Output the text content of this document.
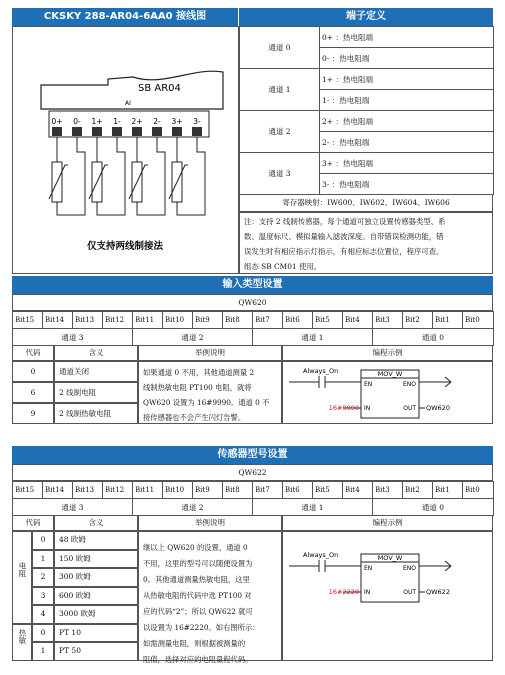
CKSKY 288-AR04-6AA0 接线图	端子定义
SB AR04
AI
0+ 0- 1+ 1- 2+ 2- 3+ 3-
仅支持两线制接法
通道 0	0+ ：热电阻端
	0- ：热电阻端
通道 1	1+ ：热电阻端
	1- ：热电阻端
通道 2	2+ ：热电阻端
	2- ：热电阻端
通道 3	3+ ：热电阻端
	3- ：热电阻端
寄存器映射：IW600、IW602、IW604、IW606
注：支持 2 线制传感器，每个通道可独立设置传感器类型、系
数、温度标尺、模拟量输入滤波深度。自带错误检测功能，错
误发生时有相应指示灯指示，有相应标志位置位，程序可查。
组态 SB CM01 使用。
输入类型设置
QW620
Bit15	Bit14	Bit13	Bit12	Bit11	Bit10	Bit9	Bit8	Bit7	Bit6	Bit5	Bit4	Bit3	Bit2	Bit1	Bit0
通道 3				通道 2				通道 1				通道 0			
代码	含义	举例说明	编程示例
0	通道关闭
6	2 线制电阻
9	2 线制热敏电阻
如果通道 0 不用，其他通道测量 2
线制热敏电阻 PT100 电阻，就将
QW620 设置为 16#9990。通道 0 不
接传感器也不会产生闪灯告警。
Always_On	MOV_W
EN	ENO
IN	OUT
16#9990	QW620
传感器型号设置
QW622
Bit15	Bit14	Bit13	Bit12	Bit11	Bit10	Bit9	Bit8	Bit7	Bit6	Bit5	Bit4	Bit3	Bit2	Bit1	Bit0
通道 3				通道 2				通道 1				通道 0			
代码	含义	举例说明	编程示例
电阻
热敏
0	48 欧姆
1	150 欧姆
2	300 欧姆
3	600 欧姆
4	3000 欧姆
0	PT 10
1	PT 50
继以上 QW620 的设置，通道 0
不用，这里的型号可以随便设置为
0。其他通道测量热敏电阻，这里
从热敏电阻的代码中选 PT100 对
应的代码“2”；所以 QW622 就可
以设置为 16#2220。如右图所示：
如需测量电阻，则根据被测量的
阻值，选择对应的电阻量程代码。
Always_On	MOV_W
EN	ENO
IN	OUT
16#2220	QW622
